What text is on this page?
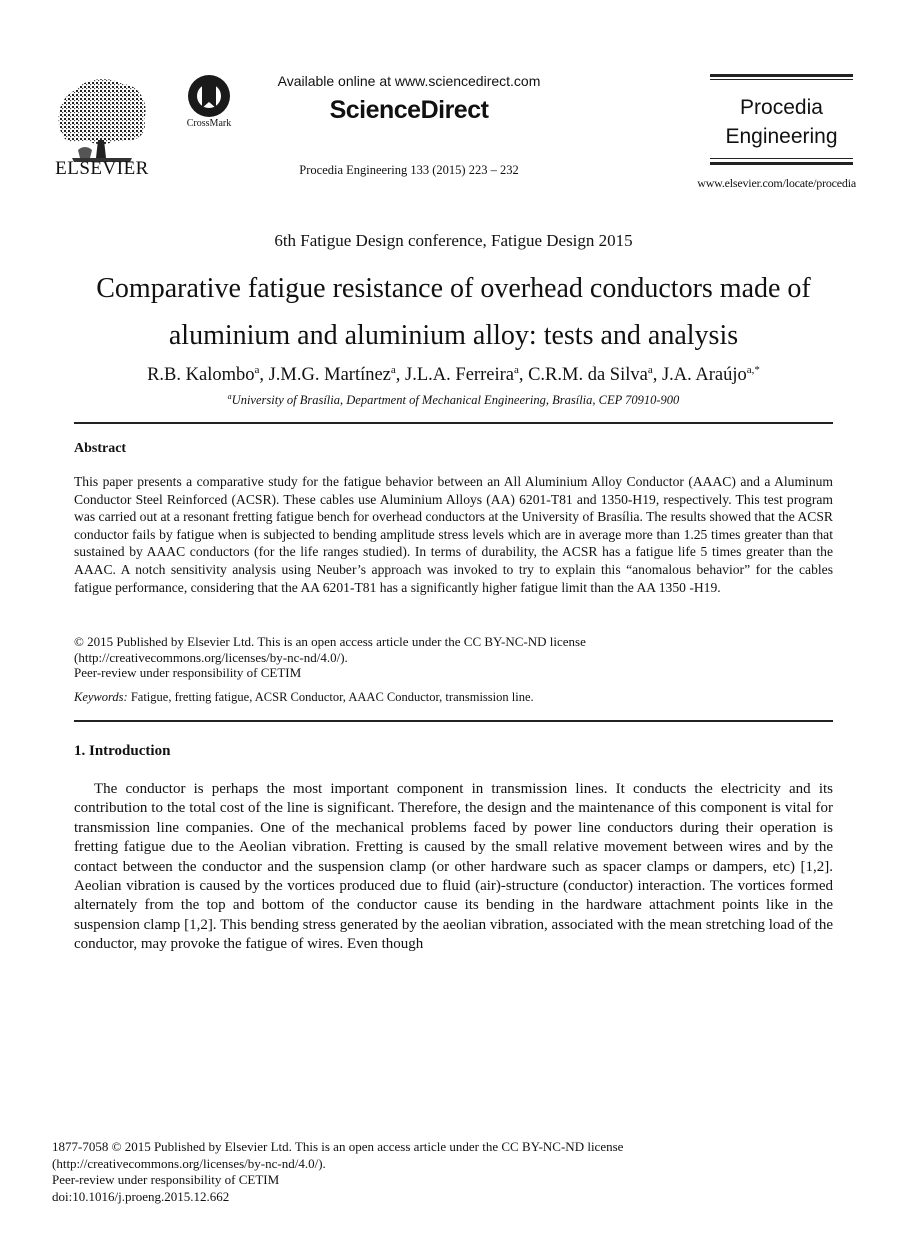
ELSEVIER
CrossMark
Available online at www.sciencedirect.com
ScienceDirect
Procedia Engineering 133 (2015) 223 – 232
Procedia
Engineering
www.elsevier.com/locate/procedia
6th Fatigue Design conference, Fatigue Design 2015
Comparative fatigue resistance of overhead conductors made of
aluminium and aluminium alloy: tests and analysis
R.B. Kalombo$^a$, J.M.G. Martínez$^a$, J.L.A. Ferreira$^a$, C.R.M. da Silva$^a$, J.A. Araújo$^{a,*}$
$^a$University of Brasília, Department of Mechanical Engineering, Brasília, CEP 70910-900
Abstract
This paper presents a comparative study for the fatigue behavior between an All Aluminium Alloy Conductor (AAAC) and a Aluminum Conductor Steel Reinforced (ACSR). These cables use Aluminium Alloys (AA) 6201-T81 and 1350-H19, respectively. This test program was carried out at a resonant fretting fatigue bench for overhead conductors at the University of Brasília. The results showed that the ACSR conductor fails by fatigue when is subjected to bending amplitude stress levels which are in average more than 1.25 times greater than that sustained by AAAC conductors (for the life ranges studied). In terms of durability, the ACSR has a fatigue life 5 times greater than the AAAC. A notch sensitivity analysis using Neuber’s approach was invoked to try to explain this “anomalous behavior” for the cables fatigue performance, considering that the AA 6201-T81 has a significantly higher fatigue limit than the AA 1350 -H19.
© 2015 Published by Elsevier Ltd. This is an open access article under the CC BY-NC-ND license
(http://creativecommons.org/licenses/by-nc-nd/4.0/).
Peer-review under responsibility of CETIM
Keywords: Fatigue, fretting fatigue, ACSR Conductor, AAAC Conductor, transmission line.
1. Introduction
The conductor is perhaps the most important component in transmission lines. It conducts the electricity and its contribution to the total cost of the line is significant. Therefore, the design and the maintenance of this component is vital for transmission line companies. One of the mechanical problems faced by power line conductors during their operation is fretting fatigue due to the Aeolian vibration. Fretting is caused by the small relative movement between wires and by the contact between the conductor and the suspension clamp (or other hardware such as spacer clamps or dampers, etc) [1,2]. Aeolian vibration is caused by the vortices produced due to fluid (air)-structure (conductor) interaction. The vortices formed alternately from the top and bottom of the conductor cause its bending in the hardware attachment points like in the suspension clamp [1,2]. This bending stress generated by the aeolian vibration, associated with the mean stretching load of the conductor, may provoke the fatigue of wires. Even though
1877-7058 © 2015 Published by Elsevier Ltd. This is an open access article under the CC BY-NC-ND license
(http://creativecommons.org/licenses/by-nc-nd/4.0/).
Peer-review under responsibility of CETIM
doi:10.1016/j.proeng.2015.12.662
